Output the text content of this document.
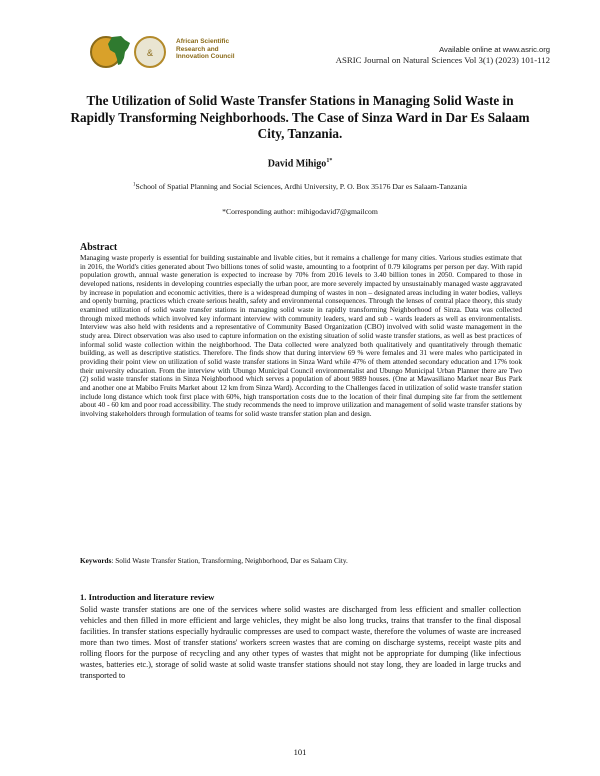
&
African Scientific
Research and
Innovation Council
Available online at www.asric.org
ASRIC Journal on Natural Sciences Vol 3(1) (2023) 101-112
The Utilization of Solid Waste Transfer Stations in Managing Solid Waste in Rapidly Transforming Neighborhoods. The Case of Sinza Ward in Dar Es Salaam City, Tanzania.
David Mihigo$^{1*}$
$^1$School of Spatial Planning and Social Sciences, Ardhi University, P. O. Box 35176 Dar es Salaam-Tanzania
*Corresponding author: mihigodavid7@gmailcom
Abstract

Managing waste properly is essential for building sustainable and livable cities, but it remains a challenge for many cities. Various studies estimate that in 2016, the World's cities generated about Two billions tones of solid waste, amounting to a footprint of 0.79 kilograms per person per day. With rapid population growth, annual waste generation is expected to increase by 70% from 2016 levels to 3.40 billion tones in 2050. Compared to those in developed nations, residents in developing countries especially the urban poor, are more severely impacted by unsustainably managed waste aggravated by increase in population and economic activities, there is a widespread dumping of wastes in non – designated areas including in water bodies, valleys and openly burning, practices which create serious health, safety and environmental consequences. Through the lenses of central place theory, this study examined utilization of solid waste transfer stations in managing solid waste in rapidly transforming Neighborhood of Sinza. Data was collected through mixed methods which involved key informant interview with community leaders, ward and sub - wards leaders as well as environmentalists. Interview was also held with residents and a representative of Community Based Organization (CBO) involved with solid waste management in the study area. Direct observation was also used to capture information on the existing situation of solid waste transfer stations, as well as best practices of informal solid waste collection within the neighborhood. The Data collected were analyzed both qualitatively and quantitatively through thematic building, as well as descriptive statistics. Therefore. The finds show that during interview 69 % were females and 31 were males who participated in providing their point view on utilization of solid waste transfer stations in Sinza Ward while 47% of them attended secondary education and 17% took their university education. From the interview with Ubungo Municipal Council environmentalist and Ubungo Municipal Urban Planner there are Two (2) solid waste transfer stations in Sinza Neighborhood which serves a population of about 9889 houses. (One at Mawasiliano Market near Bus Park and another one at Mabibo Fruits Market about 12 km from Sinza Ward). According to the Challenges faced in utilization of solid waste transfer station include long distance which took first place with 60%, high transportation costs due to the location of their final dumping site far from the settlement about 40 - 60 km and poor road accessibility. The study recommends the need to improve utilization and management of solid waste transfer stations by involving stakeholders through formulation of teams for solid waste transfer station plan and design.

Keywords: Solid Waste Transfer Station, Transforming, Neighborhood, Dar es Salaam City.
1. Introduction and literature review

Solid waste transfer stations are one of the services where solid wastes are discharged from less efficient and smaller collection vehicles and then filled in more efficient and large vehicles, they might be also long trucks, trains that transfer to the final disposal facilities. In transfer stations especially hydraulic compresses are used to compact waste, therefore the volumes of waste are increased more than two times. Most of transfer stations' workers screen wastes that are coming on discharge systems, receipt waste pits and rolling floors for the purpose of recycling and any other types of wastes that might not be appropriate for dumping (like infectious wastes, batteries etc.), storage of solid waste at solid waste transfer stations should not stay long, they are loaded in large trucks and transported to

101
